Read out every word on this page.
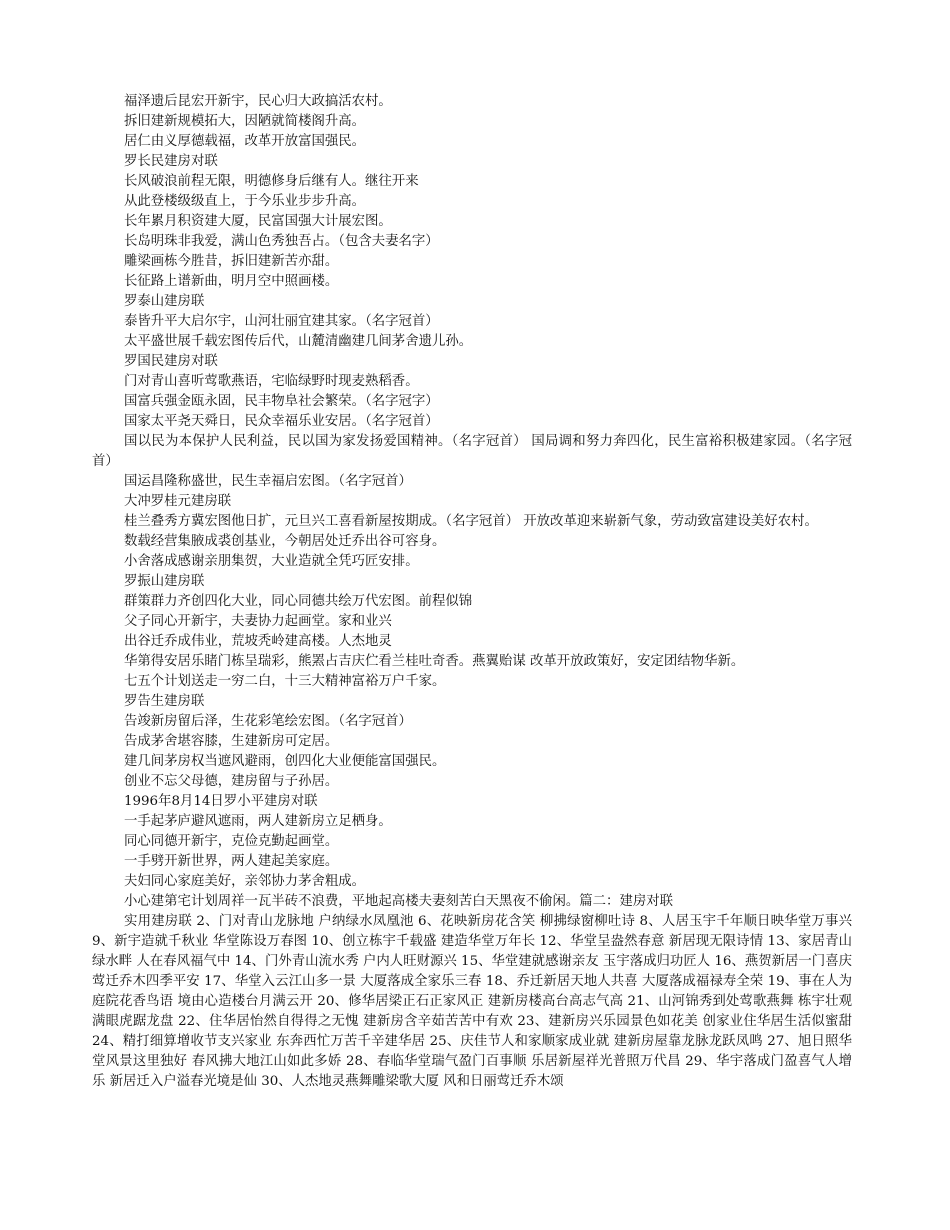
福泽遗后昆宏开新宇，民心归大政搞活农村。

拆旧建新规模拓大，因陋就简楼阁升高。

居仁由义厚德载福，改革开放富国强民。

罗长民建房对联

长风破浪前程无限，明德修身后继有人。继往开来

从此登楼级级直上，于今乐业步步升高。

长年累月积资建大厦，民富国强大计展宏图。

长岛明珠非我爱，满山色秀独吾占。（包含夫妻名字）

雕梁画栋今胜昔，拆旧建新苦亦甜。

长征路上谱新曲，明月空中照画楼。

罗泰山建房联

泰皆升平大启尔宇，山河壮丽宜建其家。（名字冠首）

太平盛世展千载宏图传后代，山麓清幽建几间茅舍遗儿孙。

罗国民建房对联

门对青山喜听莺歌燕语，宅临绿野时现麦熟稻香。

国富兵强金瓯永固，民丰物阜社会繁荣。（名字冠字）

国家太平尧天舜日，民众幸福乐业安居。（名字冠首）

国以民为本保护人民利益，民以国为家发扬爱国精神。（名字冠首） 国局调和努力奔四化，民生富裕积极建家园。（名字冠首）

国运昌隆称盛世，民生幸福启宏图。（名字冠首）

大冲罗桂元建房联

桂兰叠秀方冀宏图他日扩，元旦兴工喜看新屋按期成。（名字冠首） 开放改革迎来崭新气象，劳动致富建设美好农村。

数载经营集腋成裘创基业，今朝居处迁乔出谷可容身。

小舍落成感谢亲朋集贺，大业造就全凭巧匠安排。

罗振山建房联

群策群力齐创四化大业，同心同德共绘万代宏图。前程似锦

父子同心开新宇，夫妻协力起画堂。家和业兴

出谷迁乔成伟业，荒坡秃岭建高楼。人杰地灵

华第得安居乐睹门栋呈瑞彩，熊罴占吉庆伫看兰桂吐奇香。燕翼贻谋 改革开放政策好，安定团结物华新。

七五个计划送走一穷二白，十三大精神富裕万户千家。

罗告生建房联

告竣新房留后泽，生花彩笔绘宏图。（名字冠首）

告成茅舍堪容膝，生建新房可定居。

建几间茅房权当遮风避雨，创四化大业便能富国强民。

创业不忘父母德，建房留与子孙居。

1996年8月14日罗小平建房对联

一手起茅庐避风遮雨，两人建新房立足栖身。

同心同德开新宇，克俭克勤起画堂。

一手劈开新世界，两人建起美家庭。

夫妇同心家庭美好，亲邻协力茅舍粗成。

小心建第宅计划周祥一瓦半砖不浪费，平地起高楼夫妻刻苦白天黑夜不偷闲。篇二：建房对联

实用建房联 2、门对青山龙脉地 户纳绿水凤凰池 6、花映新房花含笑 柳拂绿窗柳吐诗 8、人居玉宇千年顺日映华堂万事兴 9、新宇造就千秋业 华堂陈设万春图 10、创立栋宇千载盛 建造华堂万年长 12、华堂呈盎然春意 新居现无限诗情 13、家居青山绿水畔 人在春风福气中 14、门外青山流水秀 户内人旺财源兴 15、华堂建就感谢亲友 玉宇落成归功匠人 16、燕贺新居一门喜庆 莺迁乔木四季平安 17、华堂入云江山多一景 大厦落成全家乐三春 18、乔迁新居天地人共喜 大厦落成福禄寿全荣 19、事在人为庭院花香鸟语 境由心造楼台月满云开 20、修华居梁正石正家风正 建新房楼高台高志气高 21、山河锦秀到处莺歌燕舞 栋宇壮观满眼虎踞龙盘 22、住华居怡然自得得之无愧 建新房含辛茹苦苦中有欢 23、建新房兴乐园景色如花美 创家业住华居生活似蜜甜 24、精打细算增收节支兴家业 东奔西忙万苦千辛建华居 25、庆佳节人和家顺家成业就 建新房屋靠龙脉龙跃凤鸣 27、旭日照华堂风景这里独好 春风拂大地江山如此多娇 28、春临华堂瑞气盈门百事顺 乐居新屋祥光普照万代昌 29、华宇落成门盈喜气人增乐 新居迁入户溢春光境是仙 30、人杰地灵燕舞雕梁歌大厦 风和日丽莺迁乔木颂
